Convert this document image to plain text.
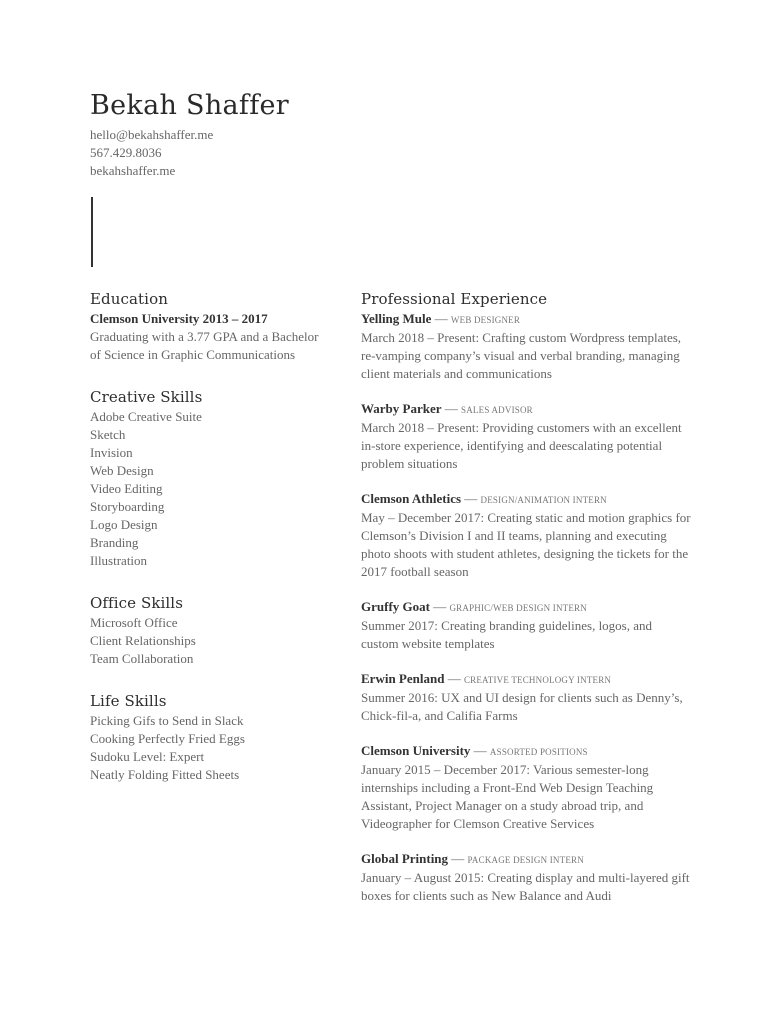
Bekah Shaffer
hello@bekahshaffer.me
567.429.8036
bekahshaffer.me
Education
Clemson University 2013 – 2017
Graduating with a 3.77 GPA and a Bachelor of Science in Graphic Communications
Creative Skills
Adobe Creative Suite
Sketch
Invision
Web Design
Video Editing
Storyboarding
Logo Design
Branding
Illustration
Office Skills
Microsoft Office
Client Relationships
Team Collaboration
Life Skills
Picking Gifs to Send in Slack
Cooking Perfectly Fried Eggs
Sudoku Level: Expert
Neatly Folding Fitted Sheets
Professional Experience
Yelling Mule — WEB DESIGNER
March 2018 – Present: Crafting custom Wordpress templates, re-vamping company’s visual and verbal branding, managing client materials and communications
Warby Parker — SALES ADVISOR
March 2018 – Present: Providing customers with an excellent in-store experience, identifying and deescalating potential problem situations
Clemson Athletics — DESIGN/ANIMATION INTERN
May – December 2017: Creating static and motion graphics for Clemson’s Division I and II teams, planning and executing photo shoots with student athletes, designing the tickets for the 2017 football season
Gruffy Goat — GRAPHIC/WEB DESIGN INTERN
Summer 2017: Creating branding guidelines, logos, and custom website templates
Erwin Penland — CREATIVE TECHNOLOGY INTERN
Summer 2016: UX and UI design for clients such as Denny’s, Chick-fil-a, and Califia Farms
Clemson University — ASSORTED POSITIONS
January 2015 – December 2017: Various semester-long internships including a Front-End Web Design Teaching Assistant, Project Manager on a study abroad trip, and Videographer for Clemson Creative Services
Global Printing — PACKAGE DESIGN INTERN
January – August 2015: Creating display and multi-layered gift boxes for clients such as New Balance and Audi
